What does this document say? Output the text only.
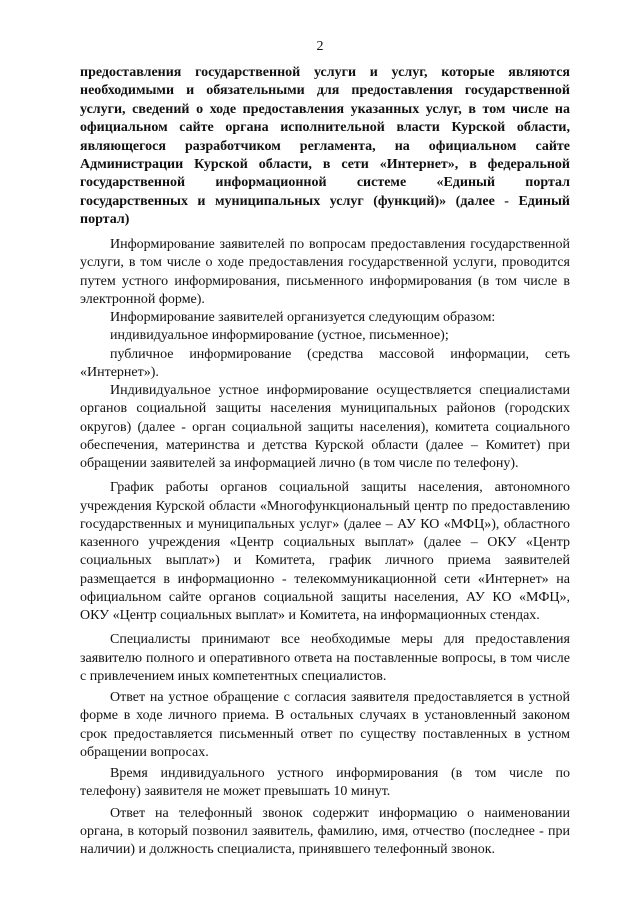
2
предоставления государственной услуги и услуг, которые являются необходимыми и обязательными для предоставления государственной услуги, сведений о ходе предоставления указанных услуг, в том числе на официальном сайте органа исполнительной власти Курской области, являющегося разработчиком регламента, на официальном сайте Администрации Курской области, в сети «Интернет», в федеральной государственной информационной системе «Единый портал государственных и муниципальных услуг (функций)» (далее - Единый портал)

Информирование заявителей по вопросам предоставления государственной услуги, в том числе о ходе предоставления государственной услуги, проводится путем устного информирования, письменного информирования (в том числе в электронной форме).

Информирование заявителей организуется следующим образом:

индивидуальное информирование (устное, письменное);

публичное информирование (средства массовой информации, сеть «Интернет»).

Индивидуальное устное информирование осуществляется специалистами органов социальной защиты населения муниципальных районов (городских округов) (далее - орган социальной защиты населения), комитета социального обеспечения, материнства и детства Курской области (далее – Комитет) при обращении заявителей за информацией лично (в том числе по телефону).

График работы органов социальной защиты населения, автономного учреждения Курской области «Многофункциональный центр по предоставлению государственных и муниципальных услуг» (далее – АУ КО «МФЦ»), областного казенного учреждения «Центр социальных выплат» (далее – ОКУ «Центр социальных выплат») и Комитета, график личного приема заявителей размещается в информационно - телекоммуникационной сети «Интернет» на официальном сайте органов социальной защиты населения, АУ КО «МФЦ», ОКУ «Центр социальных выплат» и Комитета, на информационных стендах.

Специалисты принимают все необходимые меры для предоставления заявителю полного и оперативного ответа на поставленные вопросы, в том числе с привлечением иных компетентных специалистов.

Ответ на устное обращение с согласия заявителя предоставляется в устной форме в ходе личного приема. В остальных случаях в установленный законом срок предоставляется письменный ответ по существу поставленных в устном обращении вопросах.

Время индивидуального устного информирования (в том числе по телефону) заявителя не может превышать 10 минут.

Ответ на телефонный звонок содержит информацию о наименовании органа, в который позвонил заявитель, фамилию, имя, отчество (последнее - при наличии) и должность специалиста, принявшего телефонный звонок.
